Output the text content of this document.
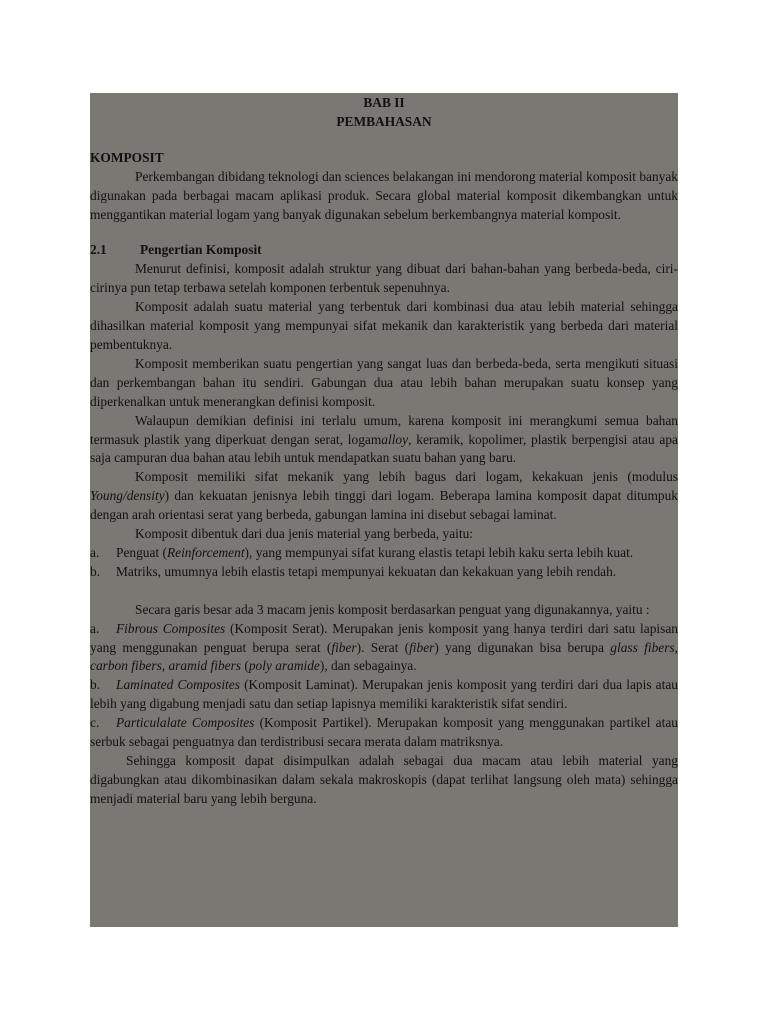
BAB II
PEMBAHASAN
KOMPOSIT
Perkembangan dibidang teknologi dan sciences belakangan ini mendorong material komposit banyak digunakan pada berbagai macam aplikasi produk. Secara global material komposit dikembangkan untuk menggantikan material logam yang banyak digunakan sebelum berkembangnya material komposit.
2.1 Pengertian Komposit
Menurut definisi, komposit adalah struktur yang dibuat dari bahan-bahan yang berbeda-beda, ciri-cirinya pun tetap terbawa setelah komponen terbentuk sepenuhnya.
Komposit adalah suatu material yang terbentuk dari kombinasi dua atau lebih material sehingga dihasilkan material komposit yang mempunyai sifat mekanik dan karakteristik yang berbeda dari material pembentuknya.
Komposit memberikan suatu pengertian yang sangat luas dan berbeda-beda, serta mengikuti situasi dan perkembangan bahan itu sendiri. Gabungan dua atau lebih bahan merupakan suatu konsep yang diperkenalkan untuk menerangkan definisi komposit.
Walaupun demikian definisi ini terlalu umum, karena komposit ini merangkumi semua bahan termasuk plastik yang diperkuat dengan serat, logamalloy, keramik, kopolimer, plastik berpengisi atau apa saja campuran dua bahan atau lebih untuk mendapatkan suatu bahan yang baru.
Komposit memiliki sifat mekanik yang lebih bagus dari logam, kekakuan jenis (modulus Young/density) dan kekuatan jenisnya lebih tinggi dari logam. Beberapa lamina komposit dapat ditumpuk dengan arah orientasi serat yang berbeda, gabungan lamina ini disebut sebagai laminat.
Komposit dibentuk dari dua jenis material yang berbeda, yaitu:
a. Penguat (Reinforcement), yang mempunyai sifat kurang elastis tetapi lebih kaku serta lebih kuat.
b. Matriks, umumnya lebih elastis tetapi mempunyai kekuatan dan kekakuan yang lebih rendah.
Secara garis besar ada 3 macam jenis komposit berdasarkan penguat yang digunakannya, yaitu :
a. Fibrous Composites (Komposit Serat). Merupakan jenis komposit yang hanya terdiri dari satu lapisan yang menggunakan penguat berupa serat (fiber). Serat (fiber) yang digunakan bisa berupa glass fibers, carbon fibers, aramid fibers (poly aramide), dan sebagainya.
b. Laminated Composites (Komposit Laminat). Merupakan jenis komposit yang terdiri dari dua lapis atau lebih yang digabung menjadi satu dan setiap lapisnya memiliki karakteristik sifat sendiri.
c. Particulalate Composites (Komposit Partikel). Merupakan komposit yang menggunakan partikel atau serbuk sebagai penguatnya dan terdistribusi secara merata dalam matriksnya.
Sehingga komposit dapat disimpulkan adalah sebagai dua macam atau lebih material yang digabungkan atau dikombinasikan dalam sekala makroskopis (dapat terlihat langsung oleh mata) sehingga menjadi material baru yang lebih berguna.
